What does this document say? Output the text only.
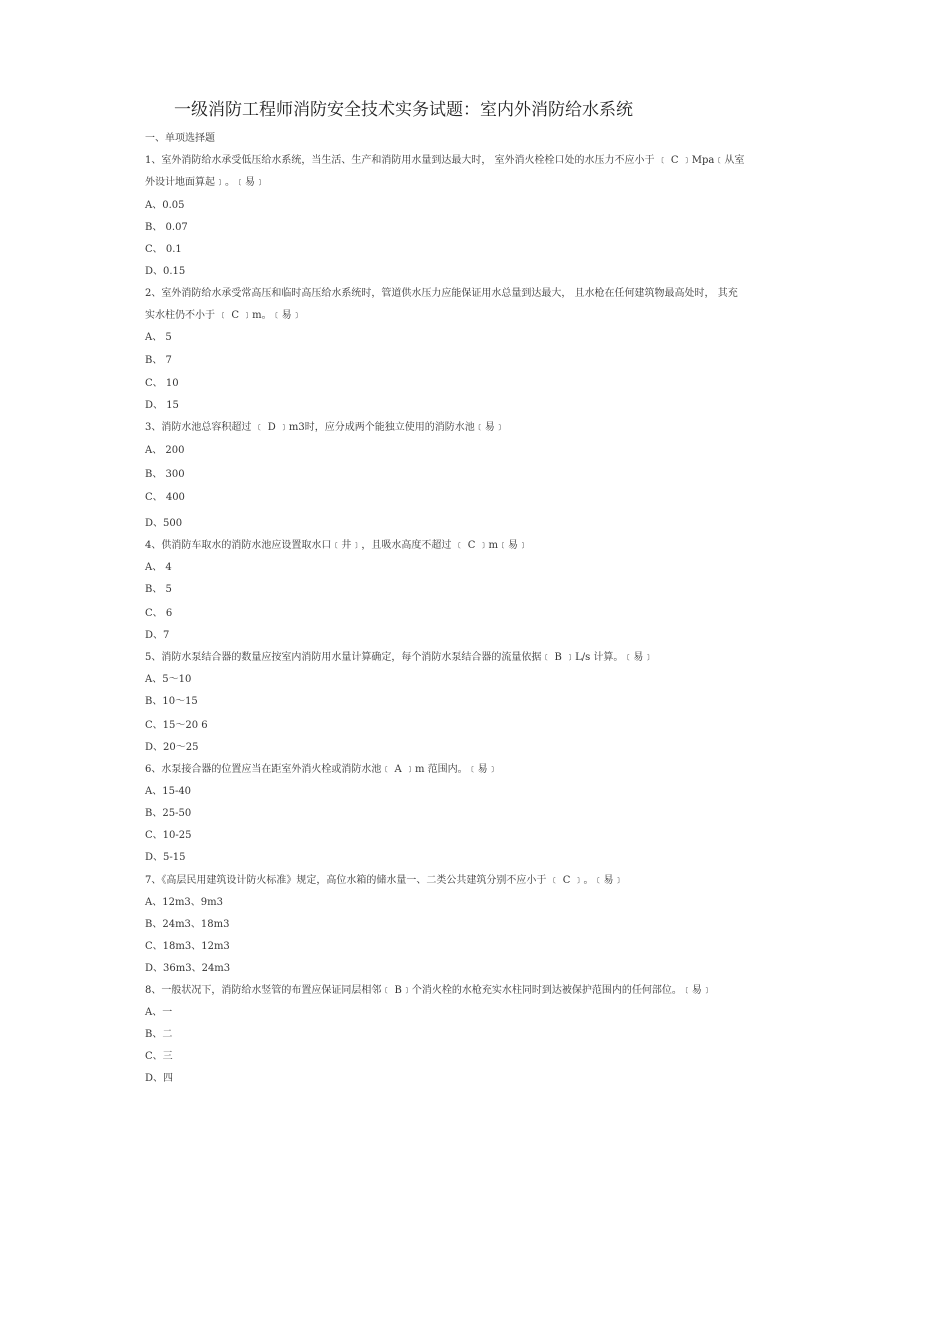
一级消防工程师消防安全技术实务试题：室内外消防给水系统
一、单项选择题
1、室外消防给水承受低压给水系统，当生活、生产和消防用水量到达最大时， 室外消火栓栓口处的水压力不应小于 ﹝ C ﹞Mpa﹝从室
外设计地面算起﹞。﹝易﹞
A、0.05
B、 0.07
C、 0.1
D、0.15
2、室外消防给水承受常高压和临时高压给水系统时，管道供水压力应能保证用水总量到达最大， 且水枪在任何建筑物最高处时， 其充
实水柱仍不小于 ﹝ C ﹞m。﹝易﹞
A、 5
B、 7
C、 10
D、 15
3、消防水池总容积超过 ﹝ D ﹞m3时，应分成两个能独立使用的消防水池﹝易﹞
A、 200
B、 300
C、 400
D、500
4、供消防车取水的消防水池应设置取水口﹝井﹞，且吸水高度不超过 ﹝ C ﹞m﹝易﹞
A、 4
B、 5
C、 6
D、7
5、消防水泵结合器的数量应按室内消防用水量计算确定，每个消防水泵结合器的流量依据﹝ B ﹞L/s 计算。﹝易﹞
A、5～10
B、10～15
C、15～20 6
D、20～25
6、水泵接合器的位置应当在距室外消火栓或消防水池﹝ A ﹞m 范围内。﹝易﹞
A、15-40
B、25-50
C、10-25
D、5-15
7、《高层民用建筑设计防火标准》规定，高位水箱的储水量一、二类公共建筑分别不应小于 ﹝ C ﹞。﹝易﹞
A、12m3、9m3
B、24m3、18m3
C、18m3、12m3
D、36m3、24m3
8、一般状况下，消防给水竖管的布置应保证同层相邻﹝ B﹞个消火栓的水枪充实水柱同时到达被保护范围内的任何部位。﹝易﹞
A、一
B、二
C、三
D、四
